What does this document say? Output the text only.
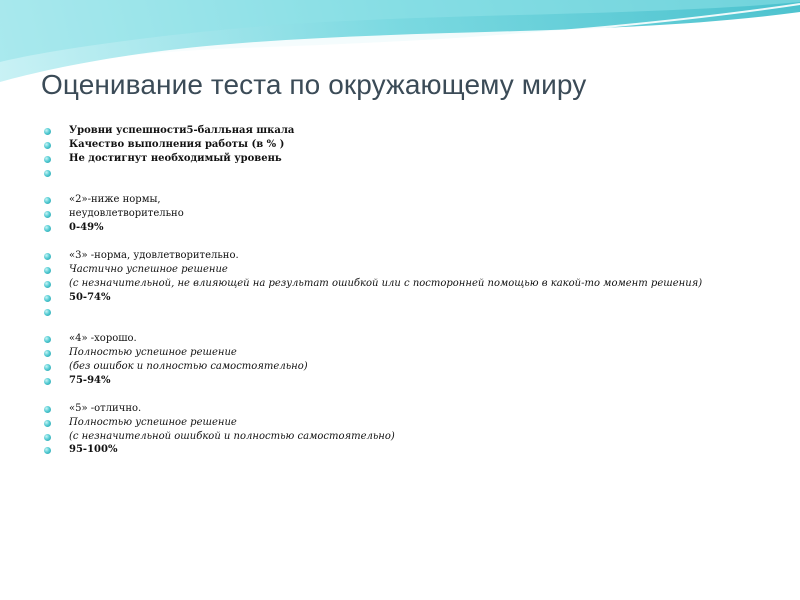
Оценивание теста по окружающему миру
Уровни успешности5-балльная шкала
Качество выполнения работы (в % )
Не достигнут необходимый уровень
«2»-ниже нормы,
неудовлетворительно
0-49%
«3» -норма, удовлетворительно.
Частично успешное решение
(с незначительной, не влияющей на результат ошибкой или с посторонней помощью в какой-то момент решения)
50-74%
«4» -хорошо.
Полностью успешное решение
(без ошибок и полностью самостоятельно)
75-94%
«5» -отлично.
Полностью успешное решение
(с незначительной ошибкой и полностью самостоятельно)
95-100%
